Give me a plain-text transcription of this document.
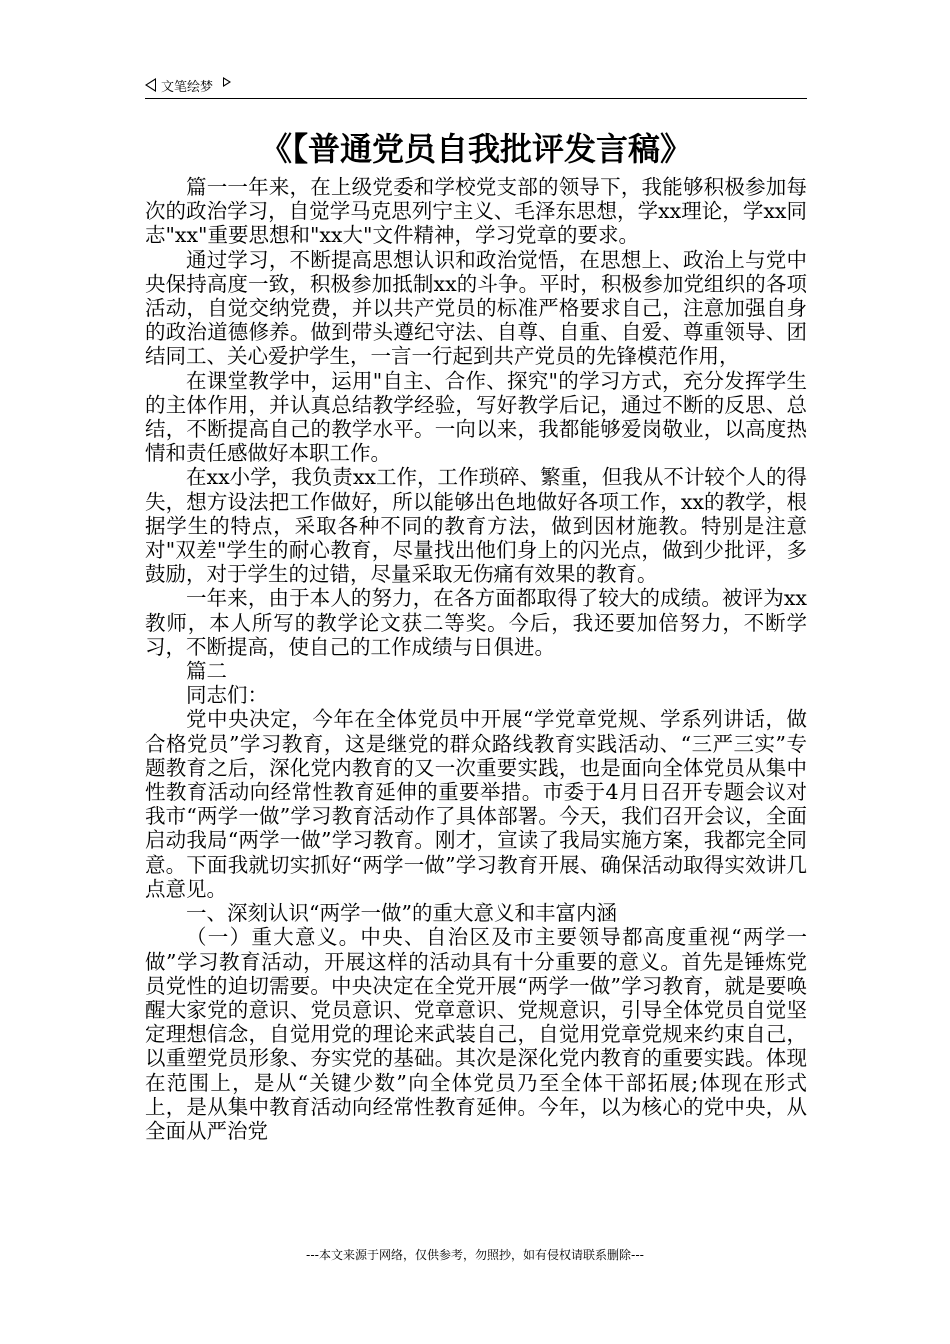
文笔绘梦
《【普通党员自我批评发言稿》

篇一一年来，在上级党委和学校党支部的领导下，我能够积极参加每次的政治学习，自觉学马克思列宁主义、毛泽东思想，学xx理论，学xx同志"xx"重要思想和"xx大"文件精神，学习党章的要求。

通过学习，不断提高思想认识和政治觉悟，在思想上、政治上与党中央保持高度一致，积极参加抵制xx的斗争。平时，积极参加党组织的各项活动，自觉交纳党费，并以共产党员的标准严格要求自己，注意加强自身的政治道德修养。做到带头遵纪守法、自尊、自重、自爱、尊重领导、团结同工、关心爱护学生，一言一行起到共产党员的先锋模范作用，

在课堂教学中，运用"自主、合作、探究"的学习方式，充分发挥学生的主体作用，并认真总结教学经验，写好教学后记，通过不断的反思、总结，不断提高自己的教学水平。一向以来，我都能够爱岗敬业，以高度热情和责任感做好本职工作。

在xx小学，我负责xx工作，工作琐碎、繁重，但我从不计较个人的得失，想方设法把工作做好，所以能够出色地做好各项工作，xx的教学，根据学生的特点，采取各种不同的教育方法，做到因材施教。特别是注意对"双差"学生的耐心教育，尽量找出他们身上的闪光点，做到少批评，多鼓励，对于学生的过错，尽量采取无伤痛有效果的教育。

一年来，由于本人的努力，在各方面都取得了较大的成绩。被评为xx教师，本人所写的教学论文获二等奖。今后，我还要加倍努力，不断学习，不断提高，使自己的工作成绩与日俱进。

篇二

同志们：

党中央决定，今年在全体党员中开展“学党章党规、学系列讲话，做合格党员”学习教育，这是继党的群众路线教育实践活动、“三严三实”专题教育之后，深化党内教育的又一次重要实践，也是面向全体党员从集中性教育活动向经常性教育延伸的重要举措。市委于4月日召开专题会议对我市“两学一做”学习教育活动作了具体部署。今天，我们召开会议，全面启动我局“两学一做”学习教育。刚才，宣读了我局实施方案，我都完全同意。下面我就切实抓好“两学一做”学习教育开展、确保活动取得实效讲几点意见。

一、深刻认识“两学一做”的重大意义和丰富内涵

（一）重大意义。中央、自治区及市主要领导都高度重视“两学一做”学习教育活动，开展这样的活动具有十分重要的意义。首先是锤炼党员党性的迫切需要。中央决定在全党开展“两学一做”学习教育，就是要唤醒大家党的意识、党员意识、党章意识、党规意识，引导全体党员自觉坚定理想信念，自觉用党的理论来武装自己，自觉用党章党规来约束自己，以重塑党员形象、夯实党的基础。其次是深化党内教育的重要实践。体现在范围上，是从“关键少数”向全体党员乃至全体干部拓展;体现在形式上，是从集中教育活动向经常性教育延伸。今年，以为核心的党中央，从全面从严治党

---本文来源于网络，仅供参考，勿照抄，如有侵权请联系删除---
